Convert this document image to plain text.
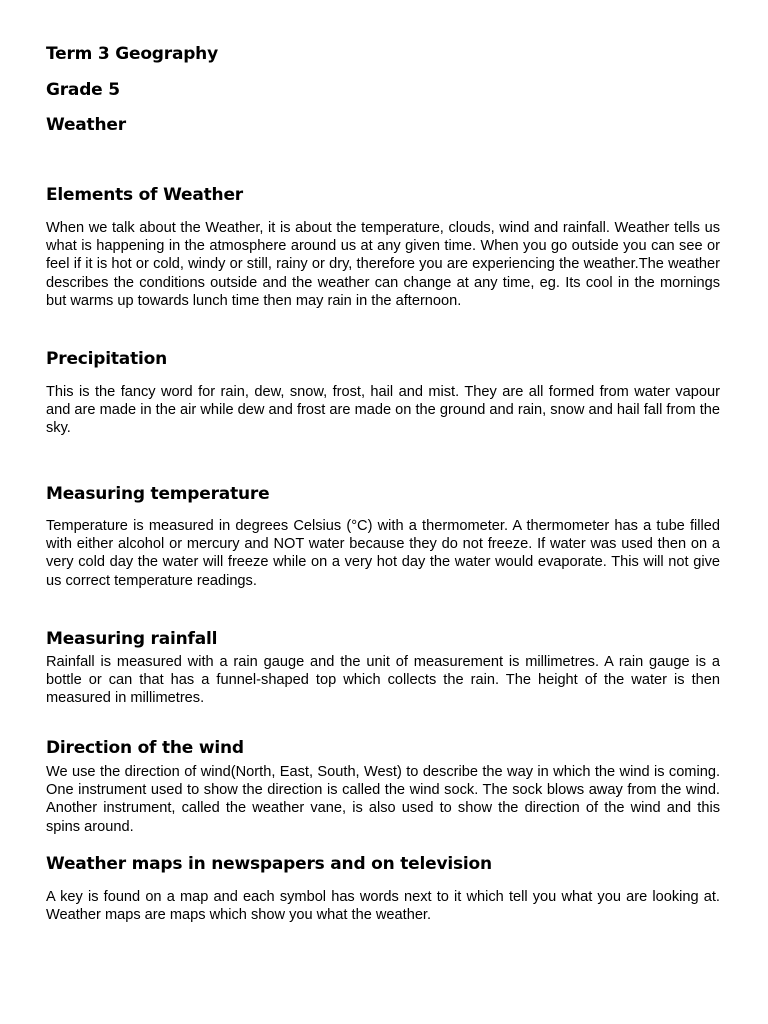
Term 3 Geography
Grade 5
Weather
Elements of Weather

When we talk about the Weather, it is about the temperature, clouds, wind and rainfall. Weather tells us what is happening in the atmosphere around us at any given time. When you go outside you can see or feel if it is hot or cold, windy or still, rainy or dry, therefore you are experiencing the weather.The weather describes the conditions outside and the weather can change at any time, eg. Its cool in the mornings but warms up towards lunch time then may rain in the afternoon.

Precipitation

This is the fancy word for rain, dew, snow, frost, hail and mist. They are all formed from water vapour and are made in the air while dew and frost are made on the ground and rain, snow and hail fall from the sky.

Measuring temperature

Temperature is measured in degrees Celsius (°C) with a thermometer. A thermometer has a tube filled with either alcohol or mercury and NOT water because they do not freeze. If water was used then on a very cold day the water will freeze while on a very hot day the water would evaporate. This will not give us correct temperature readings.

Measuring rainfall

Rainfall is measured with a rain gauge and the unit of measurement is millimetres. A rain gauge is a bottle or can that has a funnel-shaped top which collects the rain. The height of the water is then measured in millimetres.

Direction of the wind

We use the direction of wind(North, East, South, West) to describe the way in which the wind is coming. One instrument used to show the direction is called the wind sock. The sock blows away from the wind. Another instrument, called the weather vane, is also used to show the direction of the wind and this spins around.

Weather maps in newspapers and on television

A key is found on a map and each symbol has words next to it which tell you what you are looking at. Weather maps are maps which show you what the weather.
